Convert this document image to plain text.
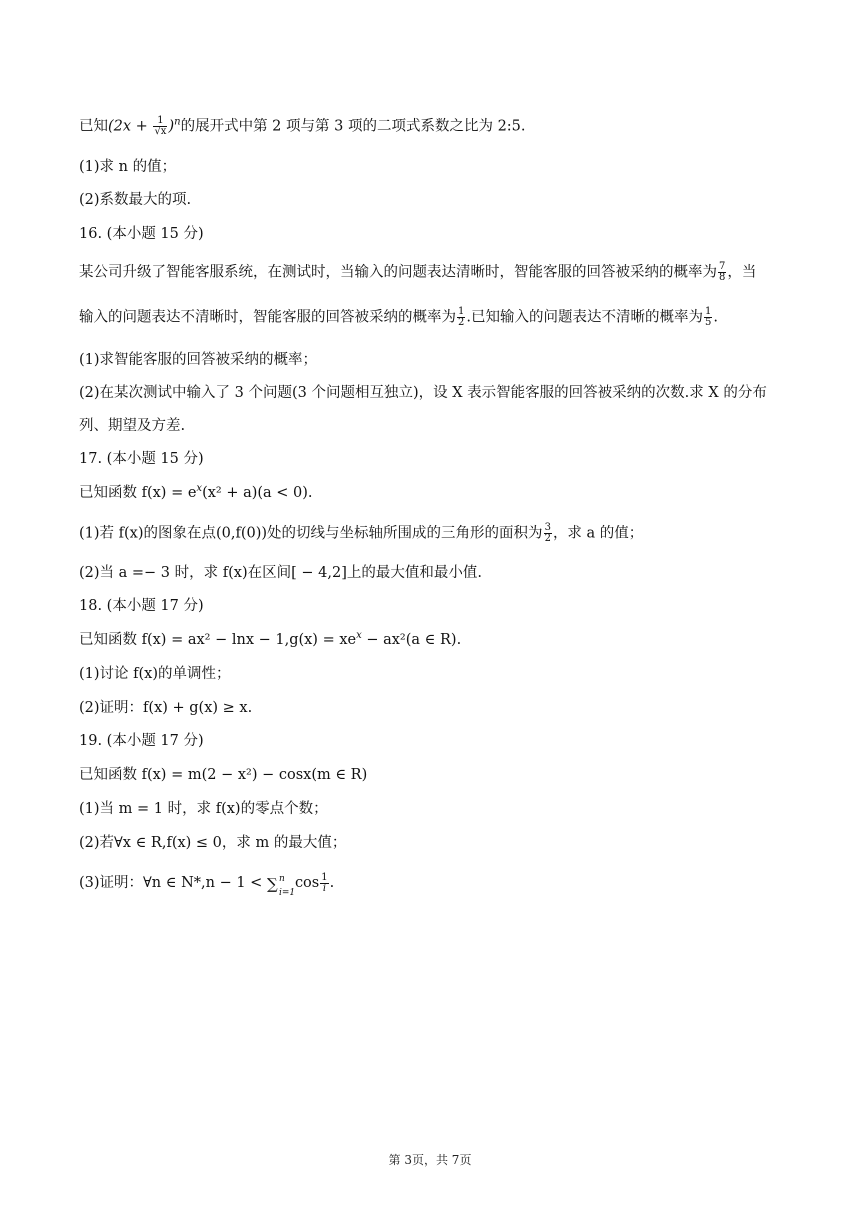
已知$(2x + \frac{1}{√x} )^n$的展开式中第 2 项与第 3 项的二项式系数之比为 2:5.
(1)求 n 的值；
(2)系数最大的项.
16. (本小题 15 分)
某公司升级了智能客服系统，在测试时，当输入的问题表达清晰时，智能客服的回答被采纳的概率为 $\frac{7}{8}$ ，当
输入的问题表达不清晰时，智能客服的回答被采纳的概率为 $\frac{1}{2}$ .已知输入的问题表达不清晰的概率为 $\frac{1}{5}$ .
(1)求智能客服的回答被采纳的概率；
(2)在某次测试中输入了 3 个问题(3 个问题相互独立)，设 X 表示智能客服的回答被采纳的次数.求 X 的分布
列、期望及方差.
17. (本小题 15 分)
已知函数 $f(x) = e^x(x^2 + a)(a < 0)$.
(1)若 f(x)的图象在点(0,f(0))处的切线与坐标轴所围成的三角形的面积为 $\frac{3}{2}$ ，求 a 的值；
(2)当 a =− 3 时，求 f(x)在区间[ − 4,2]上的最大值和最小值.
18. (本小题 17 分)
已知函数 $f(x) = ax^2 - \ln x - 1,g(x) = xe^x - ax^2(a$ ∈ R).
(1)讨论 f(x)的单调性；
(2)证明：f(x) + g(x) ≥ x.
19. (本小题 17 分)
已知函数 f(x) = m(2 − x²) − cosx(m ∈ R)
(1)当 m = 1 时，求 f(x)的零点个数；
(2)若∀x ∈ R,f(x) ≤ 0，求 m 的最大值；
(3)证明：∀n ∈ N*,n − 1 < ∑ n
i=1
$\cos \frac{1}{i}$ .
第 3页，共 7页
